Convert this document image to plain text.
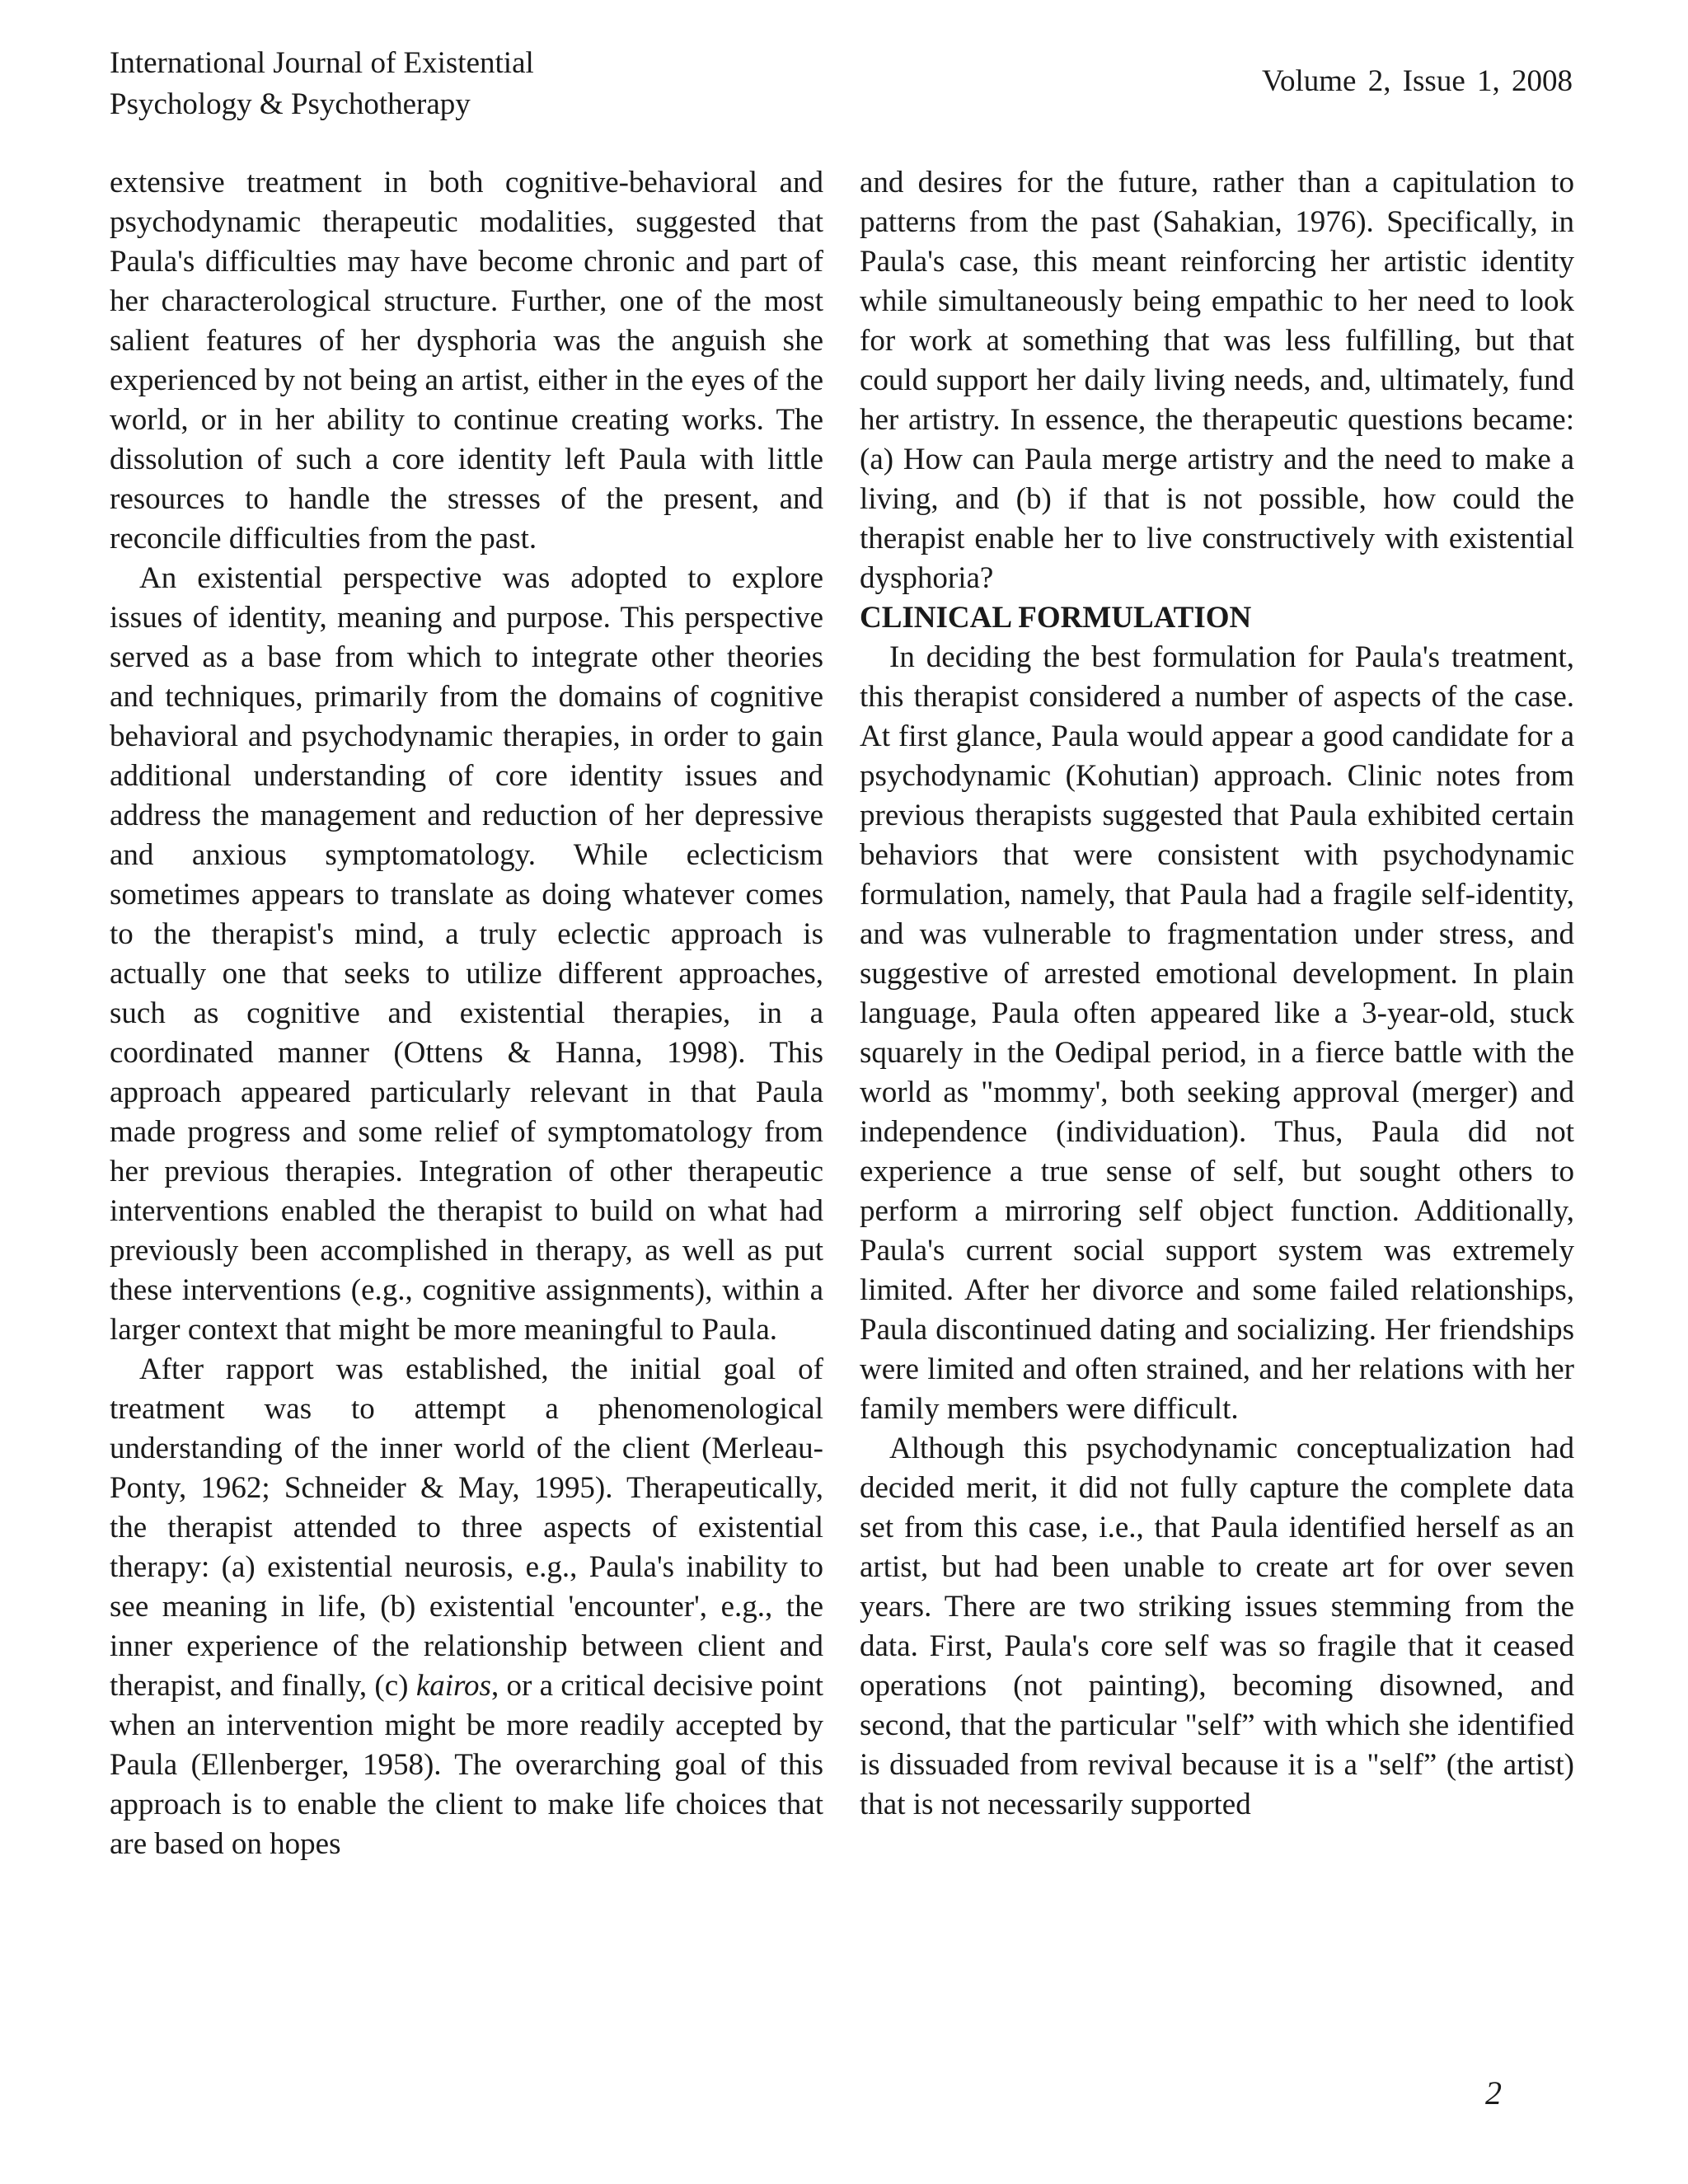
International Journal of Existential
Psychology & Psychotherapy
Volume 2, Issue 1, 2008

extensive treatment in both cognitive-behavioral and psychodynamic therapeutic modalities, suggested that Paula's difficulties may have become chronic and part of her characterological structure. Further, one of the most salient features of her dysphoria was the anguish she experienced by not being an artist, either in the eyes of the world, or in her ability to continue creating works. The dissolution of such a core identity left Paula with little resources to handle the stresses of the present, and reconcile difficulties from the past.

An existential perspective was adopted to explore issues of identity, meaning and purpose. This perspective served as a base from which to integrate other theories and techniques, primarily from the domains of cognitive behavioral and psychodynamic therapies, in order to gain additional understanding of core identity issues and address the management and reduction of her depressive and anxious symptomatology. While eclecticism sometimes appears to translate as doing whatever comes to the therapist's mind, a truly eclectic approach is actually one that seeks to utilize different approaches, such as cognitive and existential therapies, in a coordinated manner (Ottens & Hanna, 1998). This approach appeared particularly relevant in that Paula made progress and some relief of symptomatology from her previous therapies. Integration of other therapeutic interventions enabled the therapist to build on what had previously been accomplished in therapy, as well as put these interventions (e.g., cognitive assignments), within a larger context that might be more meaningful to Paula.

After rapport was established, the initial goal of treatment was to attempt a phenomenological understanding of the inner world of the client (Merleau-Ponty, 1962; Schneider & May, 1995). Therapeutically, the therapist attended to three aspects of existential therapy: (a) existential neurosis, e.g., Paula's inability to see meaning in life, (b) existential 'encounter', e.g., the inner experience of the relationship between client and therapist, and finally, (c) kairos, or a critical decisive point when an intervention might be more readily accepted by Paula (Ellenberger, 1958). The overarching goal of this approach is to enable the client to make life choices that are based on hopes

and desires for the future, rather than a capitulation to patterns from the past (Sahakian, 1976). Specifically, in Paula's case, this meant reinforcing her artistic identity while simultaneously being empathic to her need to look for work at something that was less fulfilling, but that could support her daily living needs, and, ultimately, fund her artistry. In essence, the therapeutic questions became: (a) How can Paula merge artistry and the need to make a living, and (b) if that is not possible, how could the therapist enable her to live constructively with existential dysphoria?

CLINICAL FORMULATION

In deciding the best formulation for Paula's treatment, this therapist considered a number of aspects of the case. At first glance, Paula would appear a good candidate for a psychodynamic (Kohutian) approach. Clinic notes from previous therapists suggested that Paula exhibited certain behaviors that were consistent with psychodynamic formulation, namely, that Paula had a fragile self-identity, and was vulnerable to fragmentation under stress, and suggestive of arrested emotional development. In plain language, Paula often appeared like a 3-year-old, stuck squarely in the Oedipal period, in a fierce battle with the world as "mommy', both seeking approval (merger) and independence (individuation). Thus, Paula did not experience a true sense of self, but sought others to perform a mirroring self object function. Additionally, Paula's current social support system was extremely limited. After her divorce and some failed relationships, Paula discontinued dating and socializing. Her friendships were limited and often strained, and her relations with her family members were difficult.

Although this psychodynamic conceptualization had decided merit, it did not fully capture the complete data set from this case, i.e., that Paula identified herself as an artist, but had been unable to create art for over seven years. There are two striking issues stemming from the data. First, Paula's core self was so fragile that it ceased operations (not painting), becoming disowned, and second, that the particular "self” with which she identified is dissuaded from revival because it is a "self” (the artist) that is not necessarily supported

2
